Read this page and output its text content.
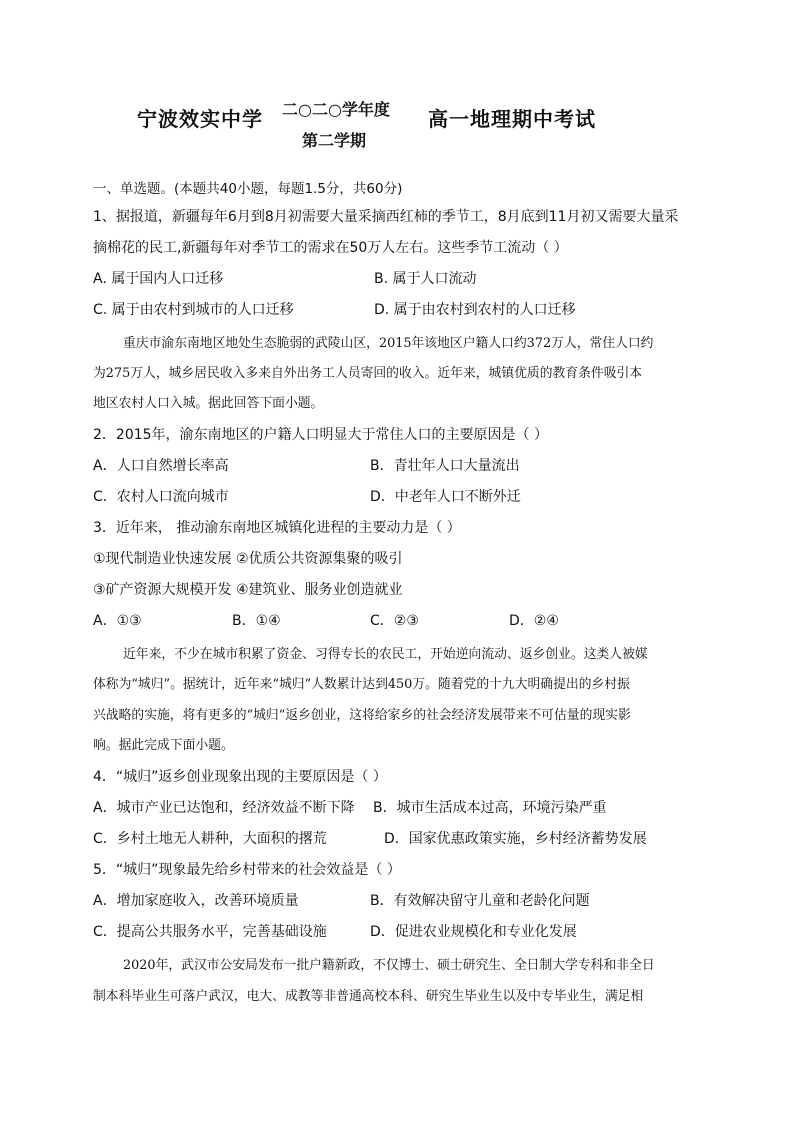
宁波效实中学 二○二○学年度
第二学期
高一地理期中考试
一、单选题。(本题共40小题，每题1.5分，共60分)
1、据报道，新疆每年6月到8月初需要大量采摘西红柿的季节工，8月底到11月初又需要大量采
摘棉花的民工,新疆每年对季节工的需求在50万人左右。这些季节工流动（ ）
A. 属于国内人口迁移	B. 属于人口流动
C. 属于由农村到城市的人口迁移	D. 属于由农村到农村的人口迁移
重庆市渝东南地区地处生态脆弱的武陵山区，2015年该地区户籍人口约372万人，常住人口约
为275万人，城乡居民收入多来自外出务工人员寄回的收入。近年来，城镇优质的教育条件吸引本
地区农村人口入城。据此回答下面小题。
2．2015年，渝东南地区的户籍人口明显大于常住人口的主要原因是（ ）
A．人口自然增长率高	B．青壮年人口大量流出
C．农村人口流向城市	D．中老年人口不断外迁
3．近年来， 推动渝东南地区城镇化进程的主要动力是（ ）
①现代制造业快速发展 ②优质公共资源集聚的吸引
③矿产资源大规模开发 ④建筑业、服务业创造就业
A．①③	B．①④	C．②③	D．②④
近年来，不少在城市积累了资金、习得专长的农民工，开始逆向流动、返乡创业。这类人被媒
体称为“城归”。据统计，近年来“城归”人数累计达到450万。随着党的十九大明确提出的乡村振
兴战略的实施，将有更多的“城归”返乡创业，这将给家乡的社会经济发展带来不可估量的现实影
响。据此完成下面小题。
4．“城归”返乡创业现象出现的主要原因是（ ）
A．城市产业已达饱和，经济效益不断下降 B．城市生活成本过高，环境污染严重
C．乡村土地无人耕种，大面积的撂荒	D．国家优惠政策实施，乡村经济蓄势发展
5．“城归”现象最先给乡村带来的社会效益是（ ）
A．增加家庭收入，改善环境质量	B．有效解决留守儿童和老龄化问题
C．提高公共服务水平，完善基础设施	D．促进农业规模化和专业化发展
2020年，武汉市公安局发布一批户籍新政，不仅博士、硕士研究生、全日制大学专科和非全日
制本科毕业生可落户武汉，电大、成教等非普通高校本科、研究生毕业生以及中专毕业生，满足相
